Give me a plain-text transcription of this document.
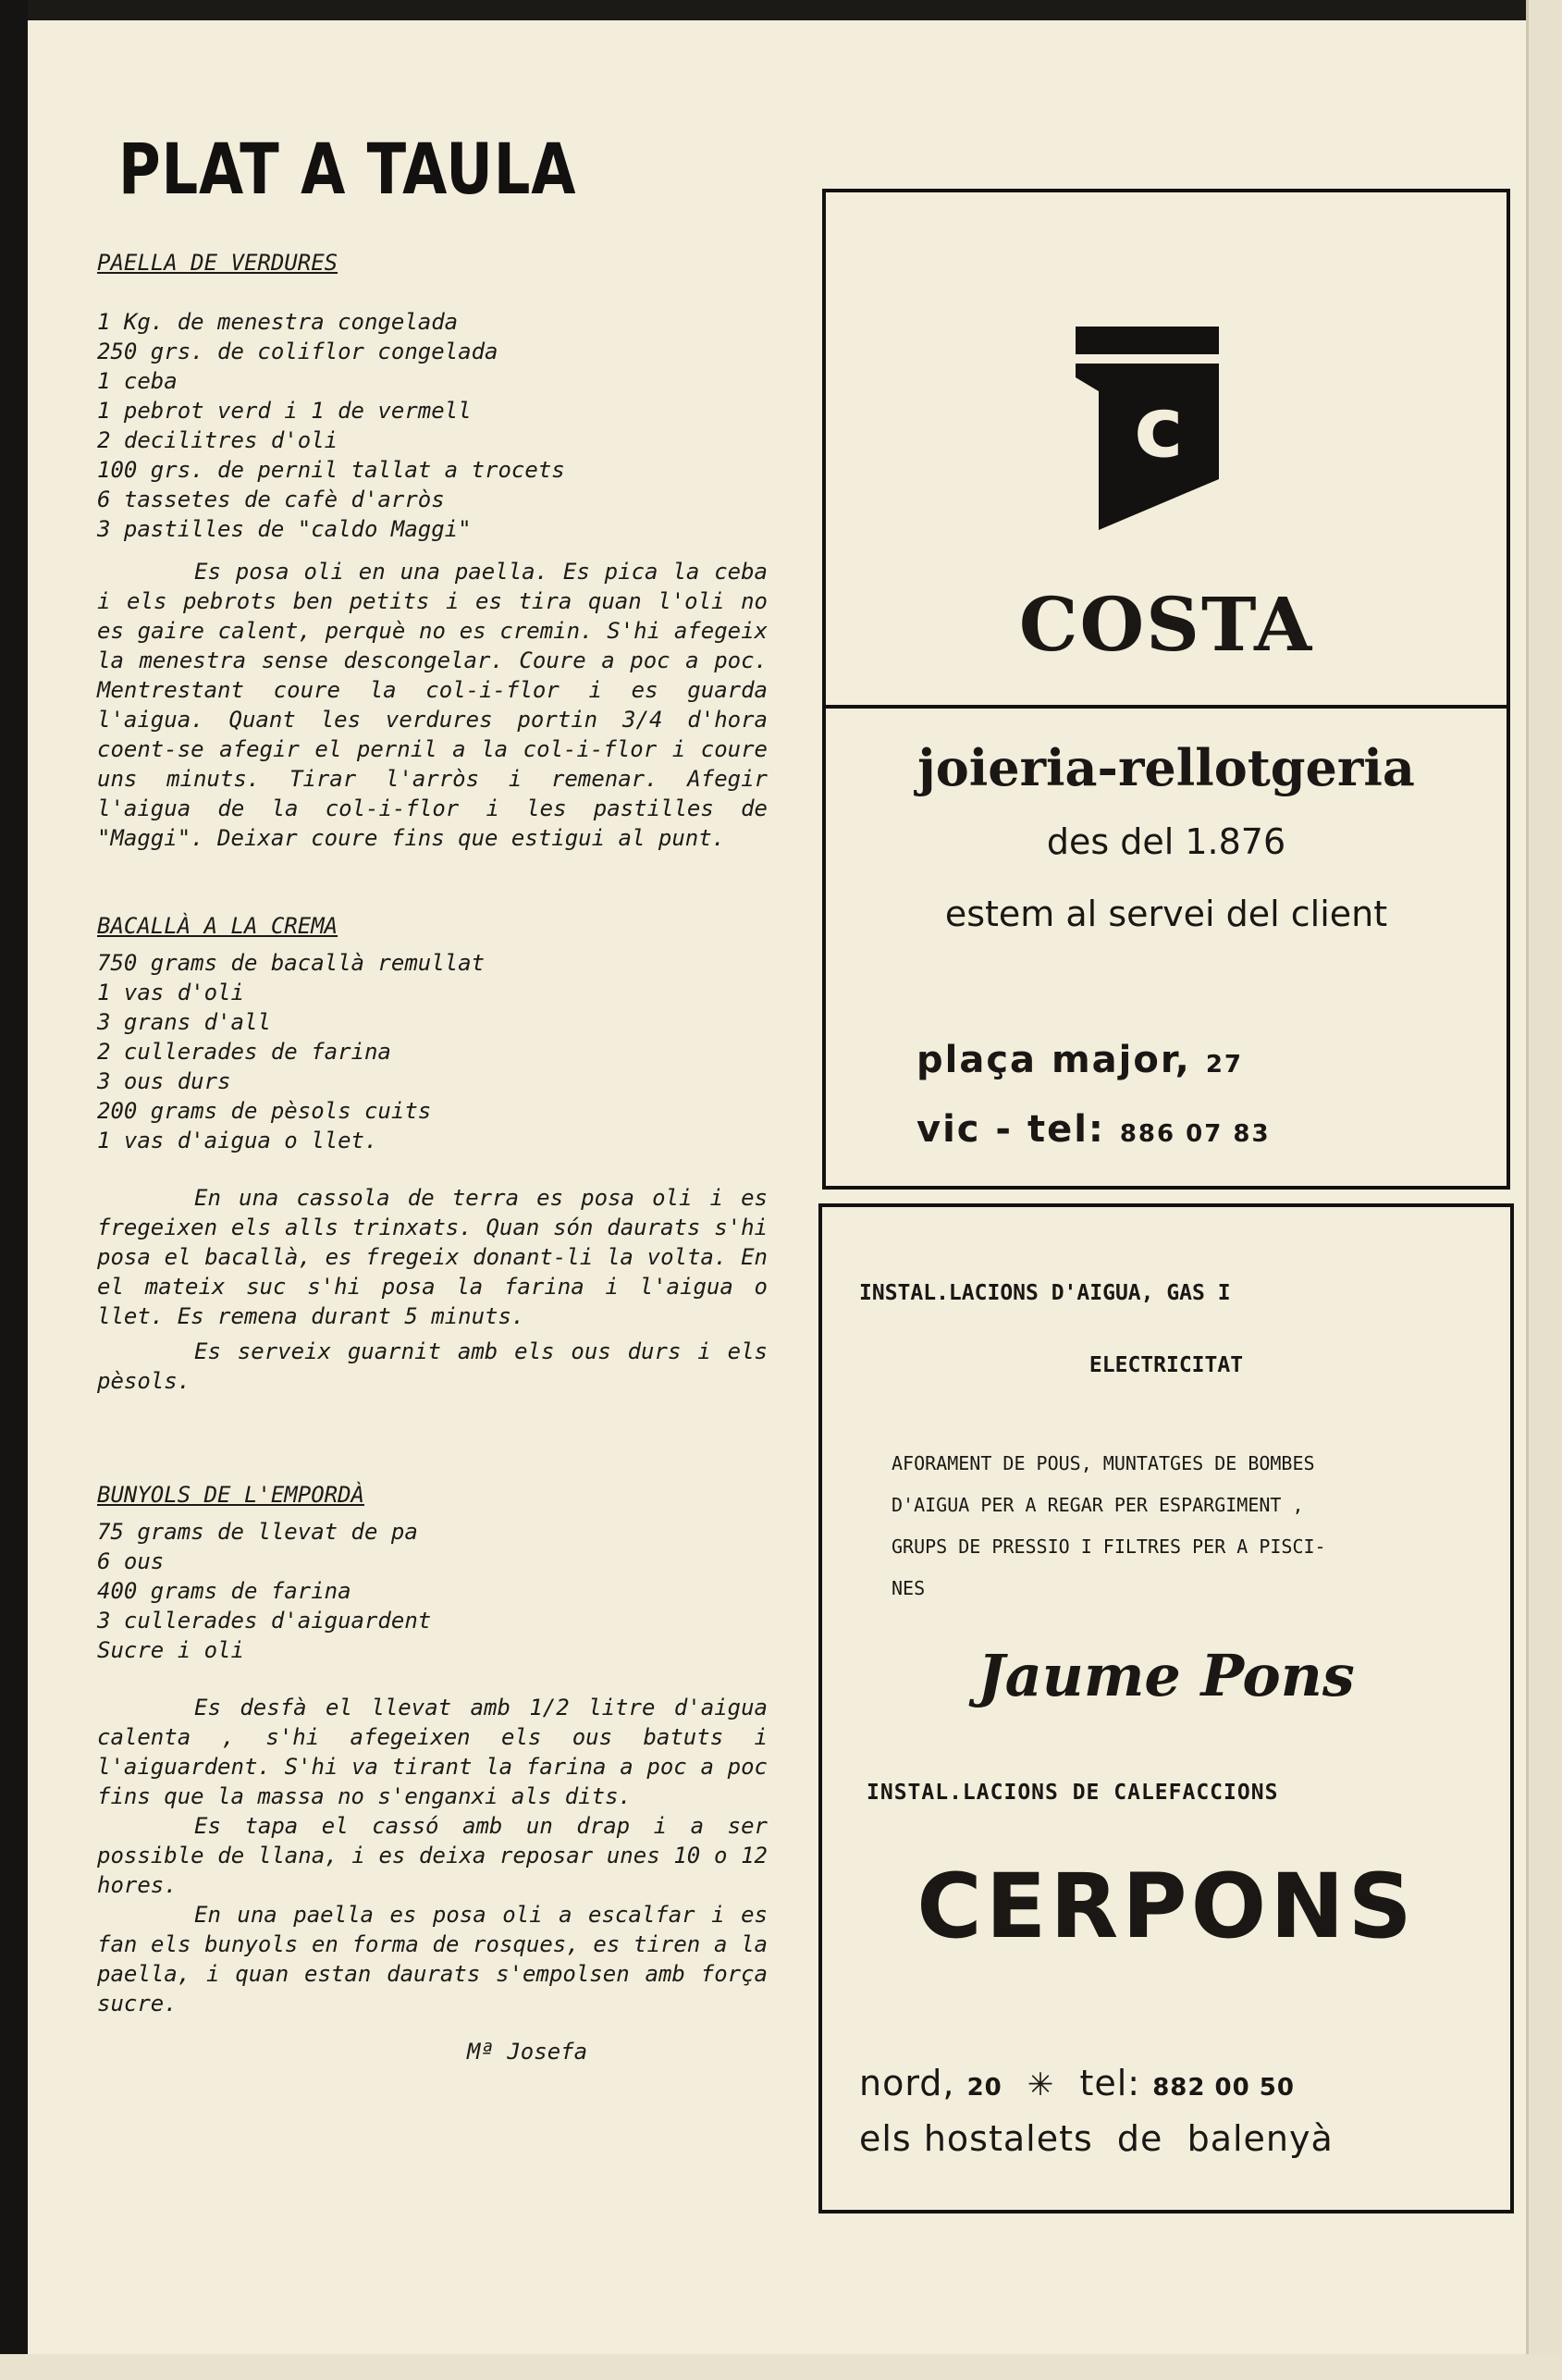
PLAT A TAULA

PAELLA DE VERDURES

1 Kg. de menestra congelada

250 grs. de coliflor congelada

1 ceba

1 pebrot verd i 1 de vermell

2 decilitres d'oli

100 grs. de pernil tallat a trocets

6 tassetes de cafè d'arròs

3 pastilles de "caldo Maggi"

Es posa oli en una paella. Es pica la ceba i els pebrots ben petits i es tira quan l'oli no es gaire calent, perquè no es cremin. S'hi afegeix la menestra sense descongelar. Coure a poc a poc. Mentrestant coure la col-i-flor i es guarda l'aigua. Quant les verdures portin 3/4 d'hora coent-se afegir el pernil a la col-i-flor i coure uns minuts. Tirar l'arròs i remenar. Afegir l'aigua de la col-i-flor i les pastilles de "Maggi". Deixar coure fins que estigui al punt.

BACALLÀ A LA CREMA

750 grams de bacallà remullat

1 vas d'oli

3 grans d'all

2 cullerades de farina

3 ous durs

200 grams de pèsols cuits

1 vas d'aigua o llet.

En una cassola de terra es posa oli i es fregeixen els alls trinxats. Quan són daurats s'hi posa el bacallà, es fregeix donant-li la volta. En el mateix suc s'hi posa la farina i l'aigua o llet. Es remena durant 5 minuts.

Es serveix guarnit amb els ous durs i els pèsols.

BUNYOLS DE L'EMPORDÀ

75 grams de llevat de pa

6 ous

400 grams de farina

3 cullerades d'aiguardent

Sucre i oli

Es desfà el llevat amb 1/2 litre d'aigua calenta , s'hi afegeixen els ous batuts i l'aiguardent. S'hi va tirant la farina a poc a poc fins que la massa no s'enganxi als dits.

Es tapa el cassó amb un drap i a ser possible de llana, i es deixa reposar unes 10 o 12 hores.

En una paella es posa oli a escalfar i es fan els bunyols en forma de rosques, es tiren a la paella, i quan estan daurats s'empolsen amb força sucre.

Mª Josefa

c
COSTA
joieria-rellotgeria
des del 1.876
estem al servei del client
plaça major, 27
vic - tel: 886 07 83
INSTAL.LACIONS D'AIGUA, GAS I
ELECTRICITAT
AFORAMENT DE POUS, MUNTATGES DE BOMBES
D'AIGUA PER A REGAR PER ESPARGIMENT ,
GRUPS DE PRESSIO I FILTRES PER A PISCI-
NES
Jaume Pons
INSTAL.LACIONS DE CALEFACCIONS
CERPONS
nord, 20 ✳ tel: 882 00 50
els hostalets  de  balenyà
